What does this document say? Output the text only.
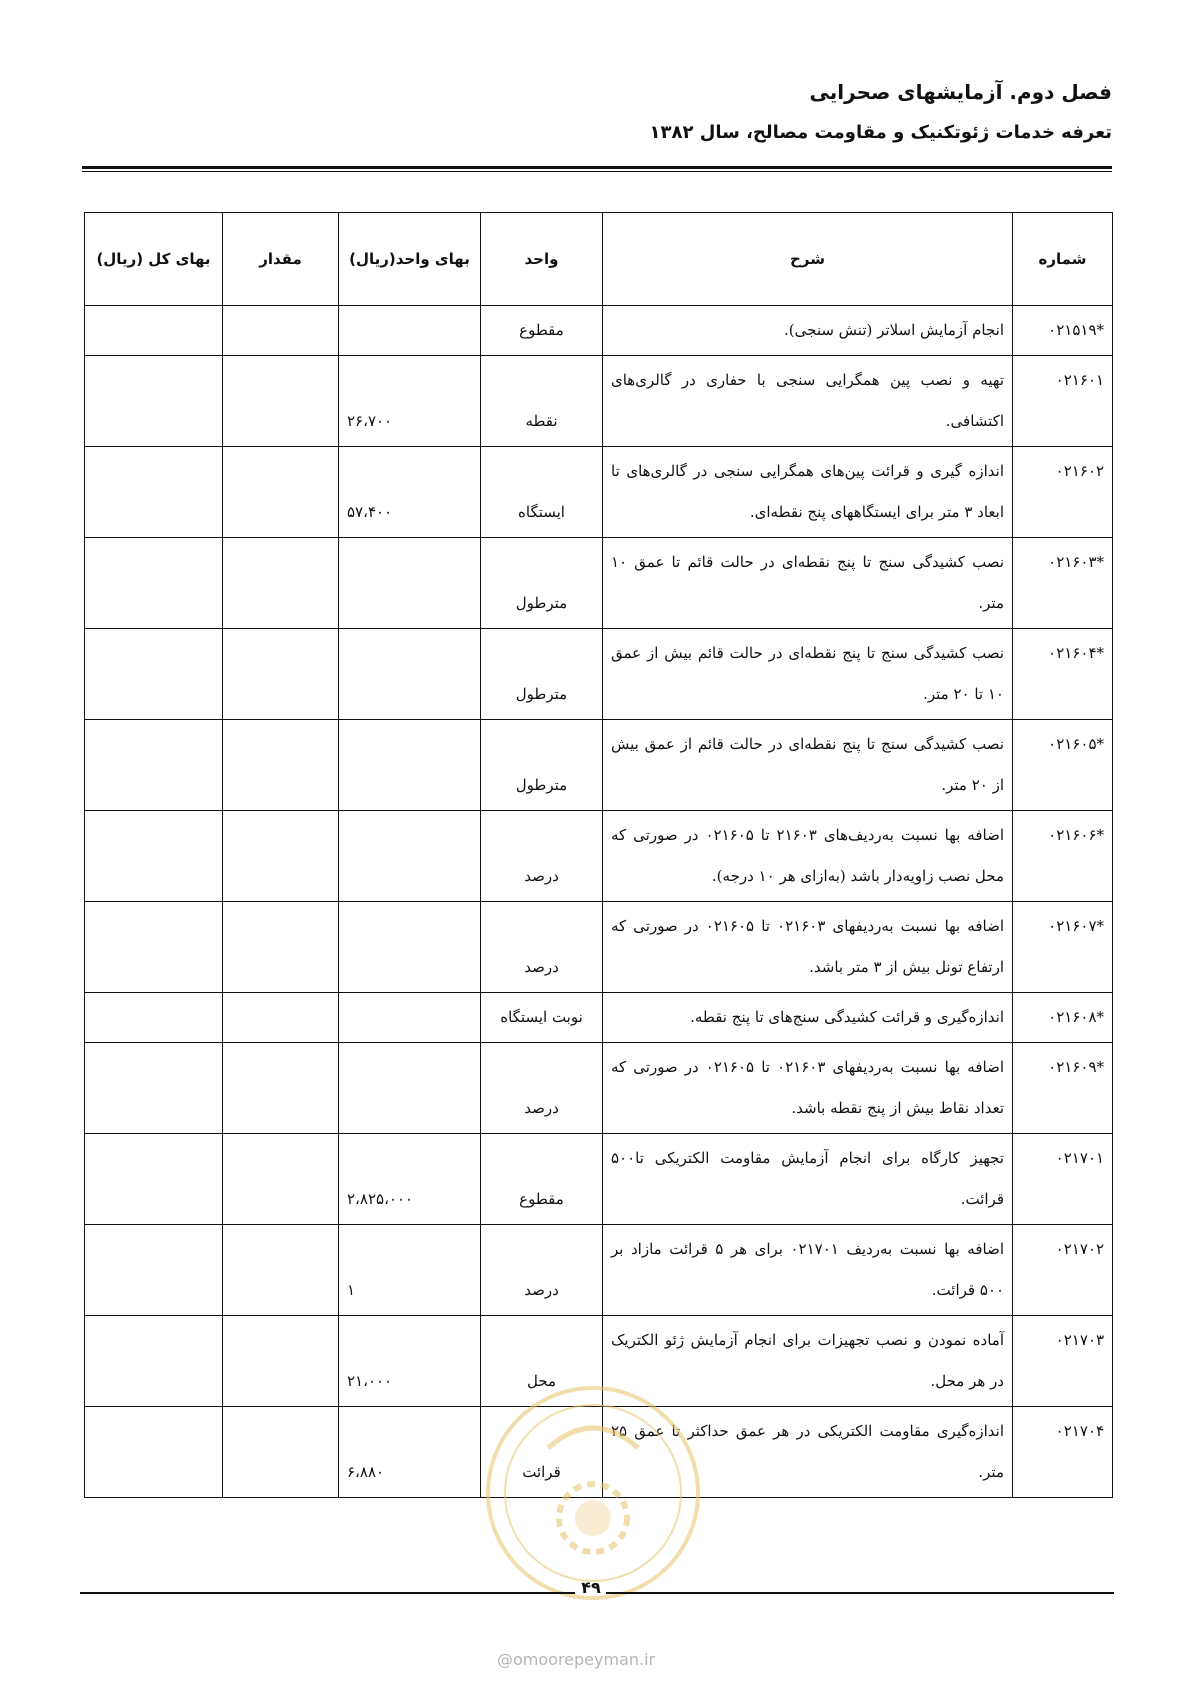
فصل دوم. آزمایشهای صحرایی
تعرفه خدمات ژئوتکنیک و مقاومت مصالح، سال ۱۳۸۲
شماره	شرح	واحد	بهای واحد(ریال)	مقدار	بهای کل (ریال)
*۰۲۱۵۱۹	انجام آزمایش اسلاتر (تنش سنجی).	مقطوع			
۰۲۱۶۰۱	تهیه و نصب پین همگرایی سنجی با حفاری در گالری‌های اکتشافی.	نقطه	۲۶،۷۰۰		
۰۲۱۶۰۲	اندازه گیری و قرائت پین‌های همگرایی سنجی در گالری‌های تا ابعاد ۳ متر برای ایستگاههای پنج نقطه‌ای.	ایستگاه	۵۷،۴۰۰		
*۰۲۱۶۰۳	نصب کشیدگی سنج تا پنج نقطه‌ای در حالت قائم تا عمق ۱۰ متر.	مترطول			
*۰۲۱۶۰۴	نصب کشیدگی سنج تا پنج نقطه‌ای در حالت قائم بیش از عمق ۱۰ تا ۲۰ متر.	مترطول			
*۰۲۱۶۰۵	نصب کشیدگی سنج تا پنج نقطه‌ای در حالت قائم از عمق بیش از ۲۰ متر.	مترطول			
*۰۲۱۶۰۶	اضافه بها نسبت به‌ردیف‌های ۲۱۶۰۳ تا ۰۲۱۶۰۵ در صورتی که محل نصب زاویه‌دار باشد (به‌ازای هر ۱۰ درجه).	درصد			
*۰۲۱۶۰۷	اضافه بها نسبت به‌ردیفهای ۰۲۱۶۰۳ تا ۰۲۱۶۰۵ در صورتی که ارتفاع تونل بیش از ۳ متر باشد.	درصد			
*۰۲۱۶۰۸	اندازه‌گیری و قرائت کشیدگی سنج‌های تا پنج نقطه.	نوبت ایستگاه			
*۰۲۱۶۰۹	اضافه بها نسبت به‌ردیفهای ۰۲۱۶۰۳ تا ۰۲۱۶۰۵ در صورتی که تعداد نقاط بیش از پنج نقطه باشد.	درصد			
۰۲۱۷۰۱	تجهیز کارگاه برای انجام آزمایش مقاومت الکتریکی تا۵۰۰ قرائت.	مقطوع	۲،۸۲۵،۰۰۰		
۰۲۱۷۰۲	اضافه بها نسبت به‌ردیف ۰۲۱۷۰۱ برای هر ۵ قرائت مازاد بر ۵۰۰ قرائت.	درصد	۱		
۰۲۱۷۰۳	آماده نمودن و نصب تجهیزات برای انجام آزمایش ژئو الکتریک در هر محل.	محل	۲۱،۰۰۰		
۰۲۱۷۰۴	اندازه‌گیری مقاومت الکتریکی در هر عمق حداکثر تا عمق ۲۵ متر.	قرائت	۶،۸۸۰		
۴۹
@omoorepeyman.ir
